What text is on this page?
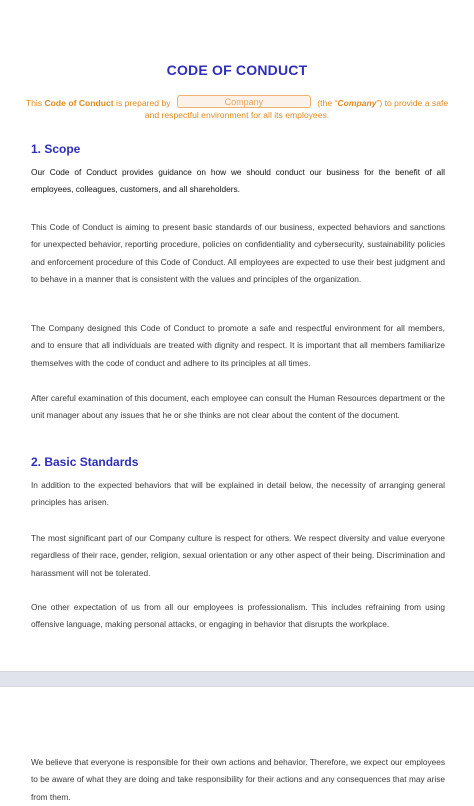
CODE OF CONDUCT
This Code of Conduct is prepared by	Company	(the “Company”) to provide a safe and respectful environment for all its employees.
1. Scope
Our Code of Conduct provides guidance on how we should conduct our business for the benefit of all employees, colleagues, customers, and all shareholders.
This Code of Conduct is aiming to present basic standards of our business, expected behaviors and sanctions for unexpected behavior, reporting procedure, policies on confidentiality and cybersecurity, sustainability policies and enforcement procedure of this Code of Conduct. All employees are expected to use their best judgment and to behave in a manner that is consistent with the values and principles of the organization.
The Company designed this Code of Conduct to promote a safe and respectful environment for all members, and to ensure that all individuals are treated with dignity and respect. It is important that all members familiarize themselves with the code of conduct and adhere to its principles at all times.
After careful examination of this document, each employee can consult the Human Resources department or the unit manager about any issues that he or she thinks are not clear about the content of the document.
2. Basic Standards
In addition to the expected behaviors that will be explained in detail below, the necessity of arranging general principles has arisen.
The most significant part of our Company culture is respect for others. We respect diversity and value everyone regardless of their race, gender, religion, sexual orientation or any other aspect of their being. Discrimination and harassment will not be tolerated.
One other expectation of us from all our employees is professionalism. This includes refraining from using offensive language, making personal attacks, or engaging in behavior that disrupts the workplace.
We believe that everyone is responsible for their own actions and behavior. Therefore, we expect our employees to be aware of what they are doing and take responsibility for their actions and any consequences that may arise from them.
